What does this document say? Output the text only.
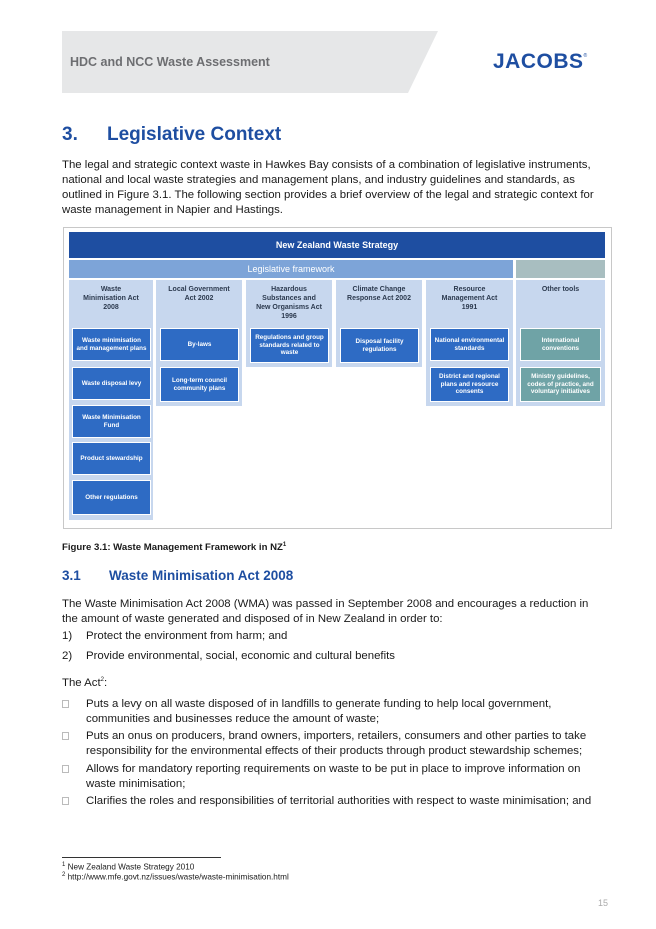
HDC and NCC Waste Assessment	JACOBS®
3. Legislative Context

The legal and strategic context waste in Hawkes Bay consists of a combination of legislative instruments, national and local waste strategies and management plans, and industry guidelines and standards, as outlined in Figure 3.1. The following section provides a brief overview of the legal and strategic context for waste management in Napier and Hastings.

New Zealand Waste Strategy
Legislative framework
Waste Minimisation Act 2008
Waste minimisation and management plans
Waste disposal levy
Waste Minimisation Fund
Product stewardship
Other regulations
Local Government Act 2002
By-laws
Long-term council community plans
Hazardous Substances and New Organisms Act 1996
Regulations and group standards related to waste
Climate Change Response Act 2002
Disposal facility regulations
Resource Management Act 1991
National environmental standards
District and regional plans and resource consents
Other tools
International conventions
Ministry guidelines, codes of practice, and voluntary initiatives
Figure 3.1: Waste Management Framework in $NZ^1$
3.1 Waste Minimisation Act 2008

The Waste Minimisation Act 2008 (WMA) was passed in September 2008 and encourages a reduction in the amount of waste generated and disposed of in New Zealand in order to:

1) Protect the environment from harm; and
2) Provide environmental, social, economic and cultural benefits
The Act$^2$:
Puts a levy on all waste disposed of in landfills to generate funding to help local government, communities and businesses reduce the amount of waste;
Puts an onus on producers, brand owners, importers, retailers, consumers and other parties to take responsibility for the environmental effects of their products through product stewardship schemes;
Allows for mandatory reporting requirements on waste to be put in place to improve information on waste minimisation;
Clarifies the roles and responsibilities of territorial authorities with respect to waste minimisation; and
$^1$ New Zealand Waste Strategy 2010
$^2$ http://www.mfe.govt.nz/issues/waste/waste-minimisation.html
15
